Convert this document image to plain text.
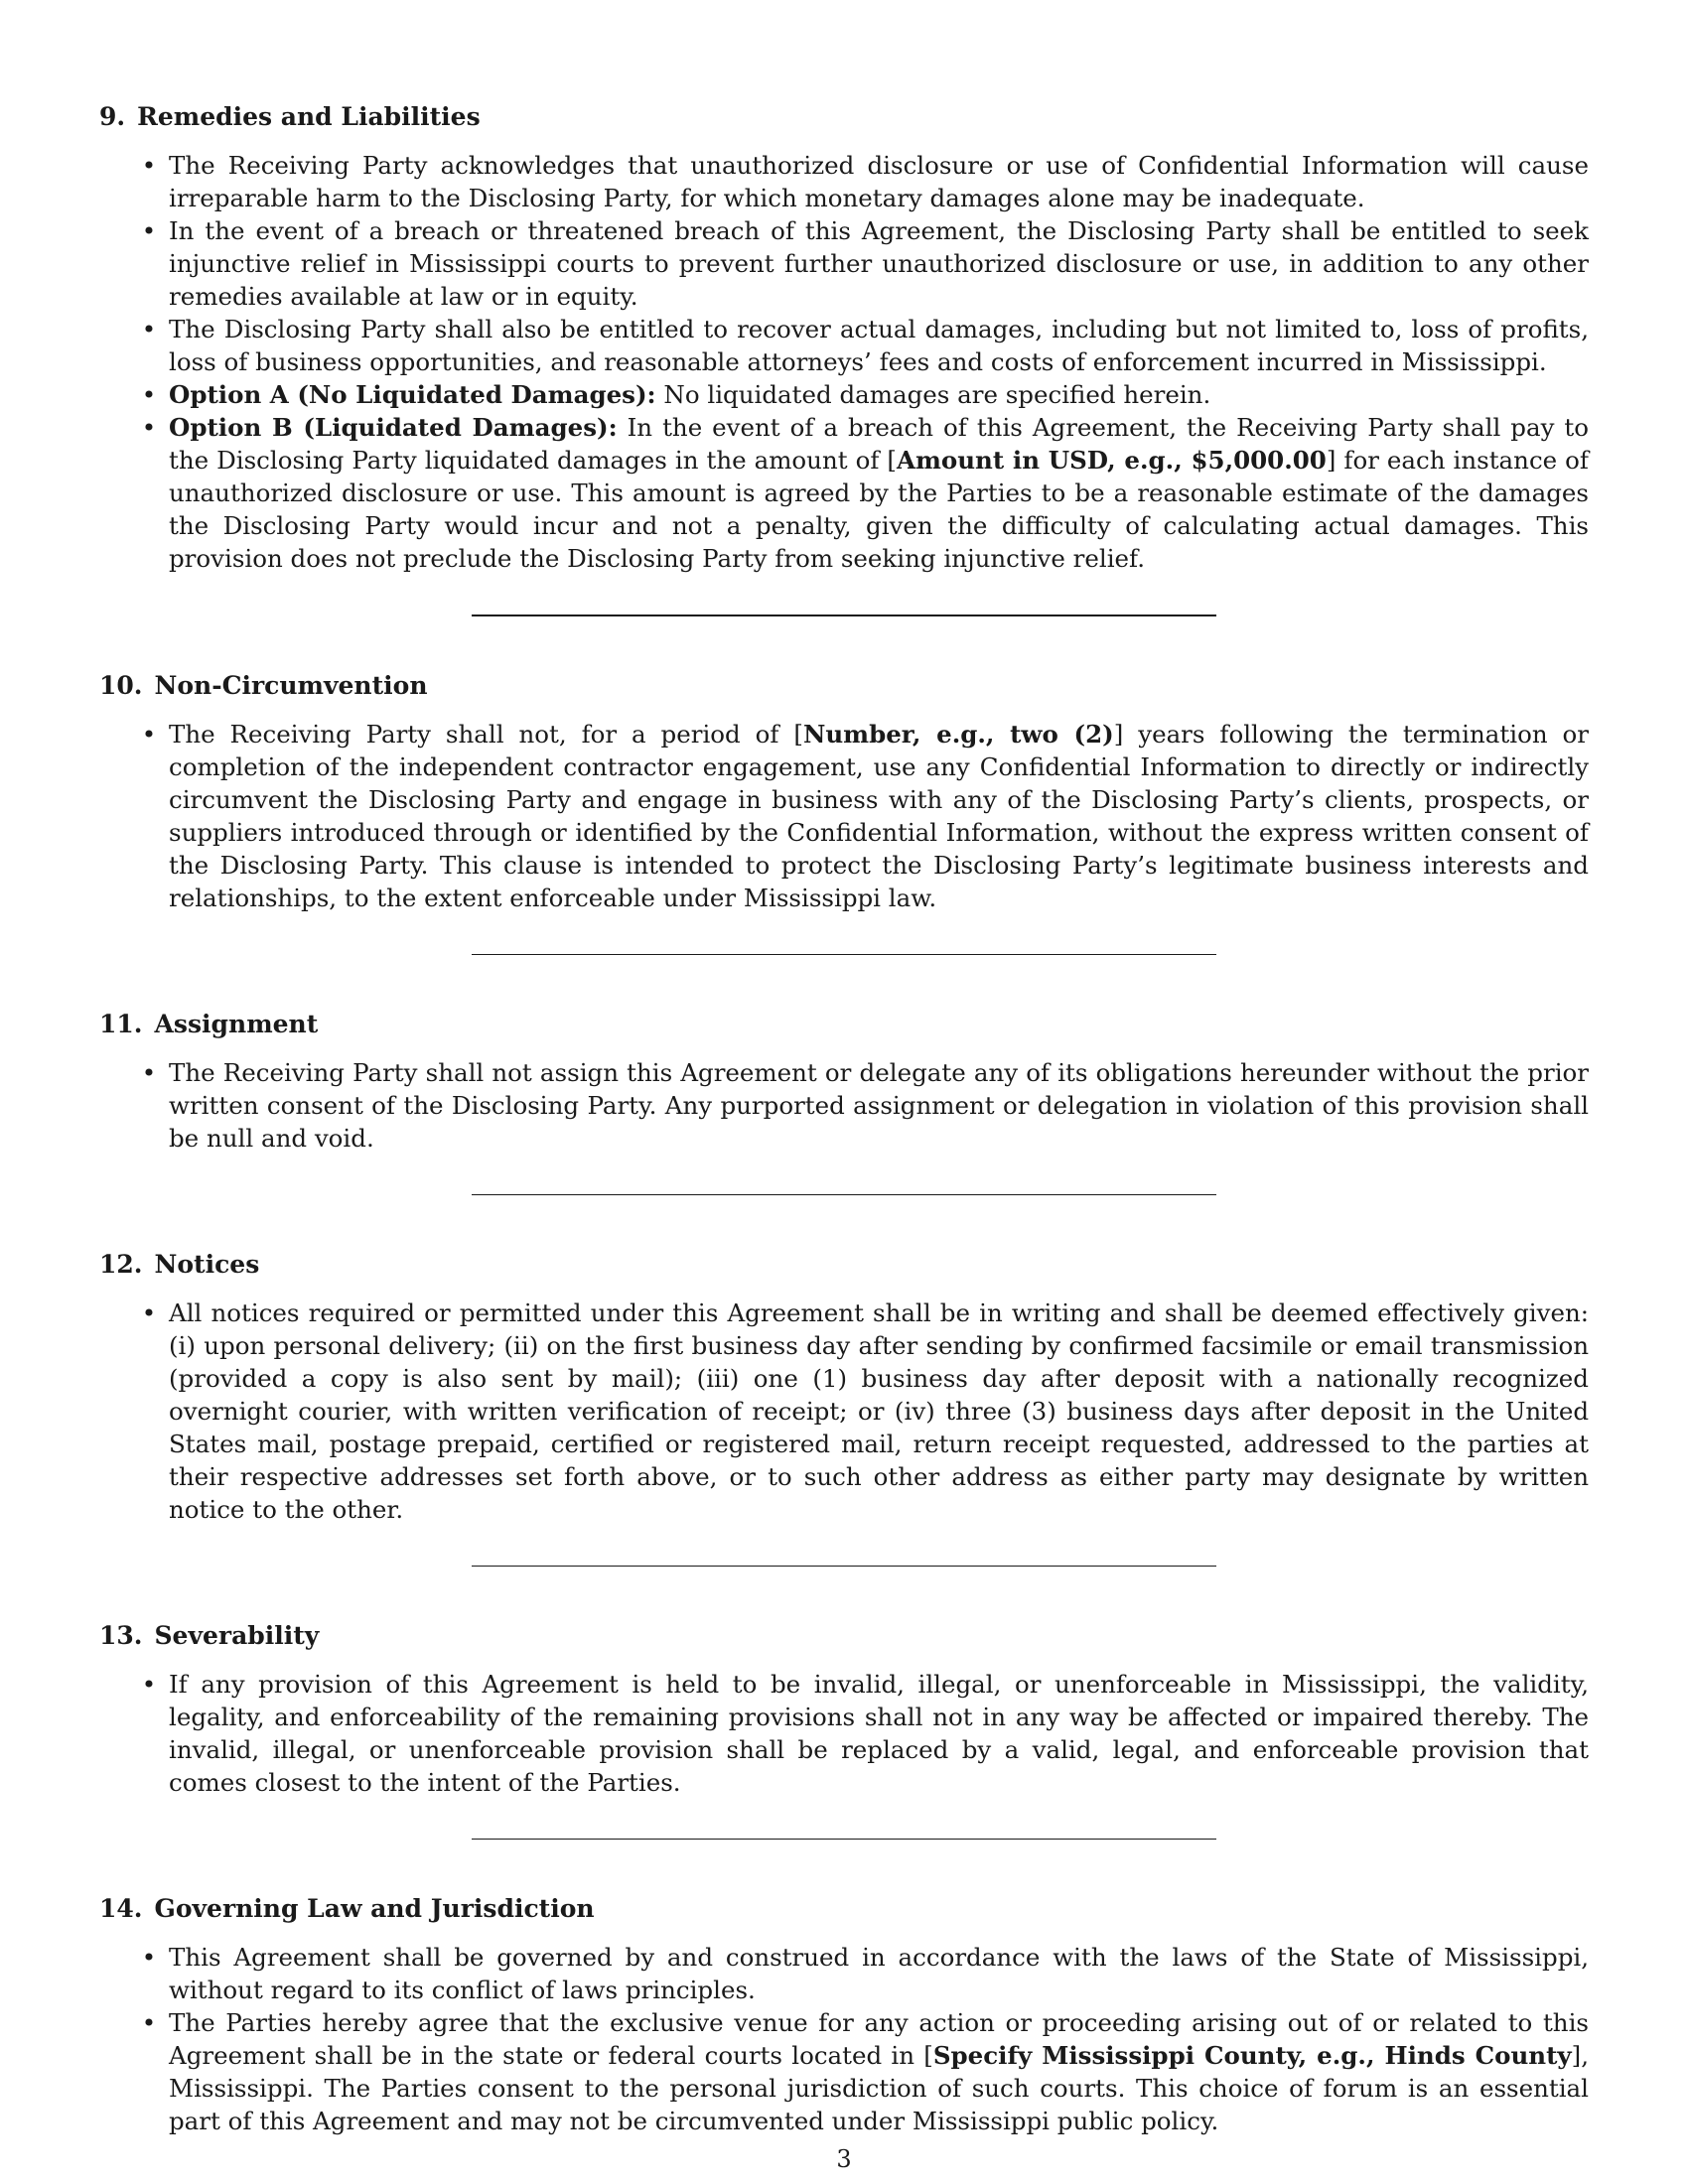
9. Remedies and Liabilities
• The Receiving Party acknowledges that unauthorized disclosure or use of Confidential Information will cause irreparable harm to the Disclosing Party, for which monetary damages alone may be inadequate.
• In the event of a breach or threatened breach of this Agreement, the Disclosing Party shall be entitled to seek injunctive relief in Mississippi courts to prevent further unauthorized disclosure or use, in addition to any other remedies available at law or in equity.
• The Disclosing Party shall also be entitled to recover actual damages, including but not limited to, loss of profits, loss of business opportunities, and reasonable attorneys’ fees and costs of enforcement incurred in Mississippi.
• Option A (No Liquidated Damages): No liquidated damages are specified herein.
• Option B (Liquidated Damages): In the event of a breach of this Agreement, the Receiving Party shall pay to the Disclosing Party liquidated damages in the amount of [Amount in USD, e.g., $5,000.00] for each instance of unauthorized disclosure or use. This amount is agreed by the Parties to be a reasonable estimate of the damages the Disclosing Party would incur and not a penalty, given the difficulty of calculating actual damages. This provision does not preclude the Disclosing Party from seeking injunctive relief.
10. Non-Circumvention
• The Receiving Party shall not, for a period of [Number, e.g., two (2)] years following the termination or completion of the independent contractor engagement, use any Confidential Information to directly or indirectly circumvent the Disclosing Party and engage in business with any of the Disclosing Party’s clients, prospects, or suppliers introduced through or identified by the Confidential Information, without the express written consent of the Disclosing Party. This clause is intended to protect the Disclosing Party’s legitimate business interests and relationships, to the extent enforceable under Mississippi law.
11. Assignment
• The Receiving Party shall not assign this Agreement or delegate any of its obligations hereunder without the prior written consent of the Disclosing Party. Any purported assignment or delegation in violation of this provision shall be null and void.
12. Notices
• All notices required or permitted under this Agreement shall be in writing and shall be deemed effectively given: (i) upon personal delivery; (ii) on the first business day after sending by confirmed facsimile or email transmission (provided a copy is also sent by mail); (iii) one (1) business day after deposit with a nationally recognized overnight courier, with written verification of receipt; or (iv) three (3) business days after deposit in the United States mail, postage prepaid, certified or registered mail, return receipt requested, addressed to the parties at their respective addresses set forth above, or to such other address as either party may designate by written notice to the other.
13. Severability
• If any provision of this Agreement is held to be invalid, illegal, or unenforceable in Mississippi, the validity, legality, and enforceability of the remaining provisions shall not in any way be affected or impaired thereby. The invalid, illegal, or unenforceable provision shall be replaced by a valid, legal, and enforceable provision that comes closest to the intent of the Parties.
14. Governing Law and Jurisdiction
• This Agreement shall be governed by and construed in accordance with the laws of the State of Mississippi, without regard to its conflict of laws principles.
• The Parties hereby agree that the exclusive venue for any action or proceeding arising out of or related to this Agreement shall be in the state or federal courts located in [Specify Mississippi County, e.g., Hinds County], Mississippi. The Parties consent to the personal jurisdiction of such courts. This choice of forum is an essential part of this Agreement and may not be circumvented under Mississippi public policy.
3
